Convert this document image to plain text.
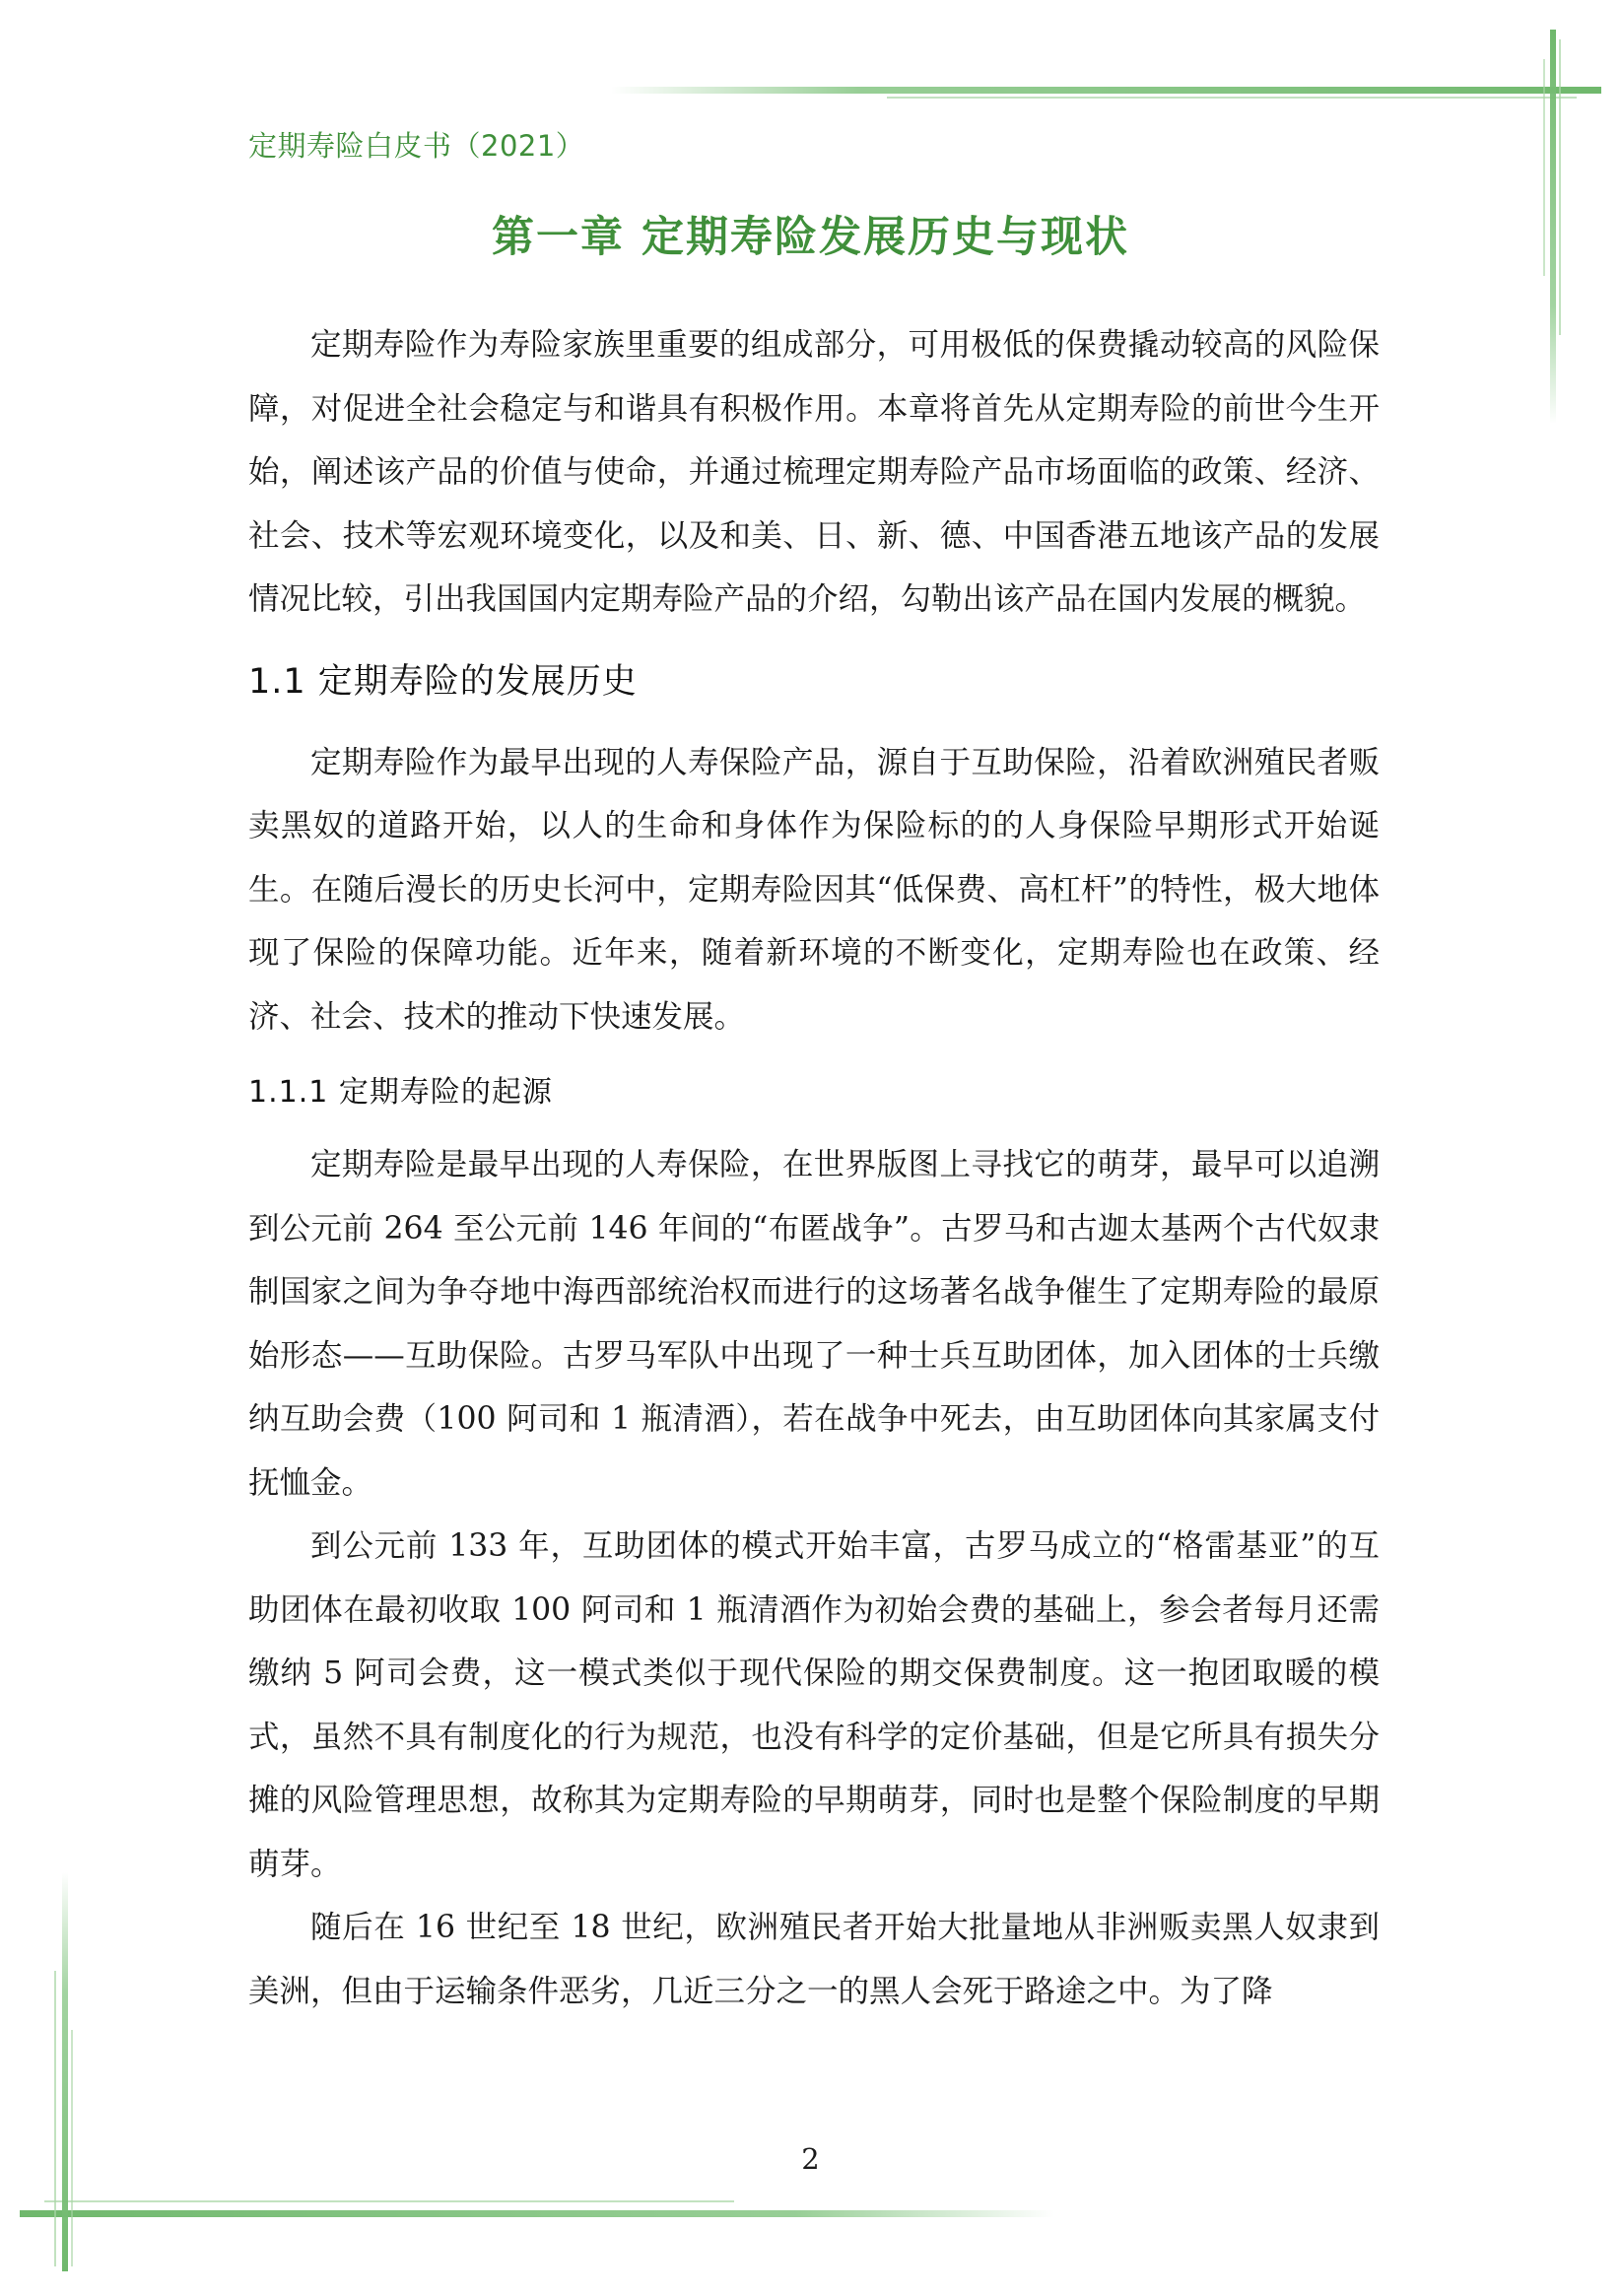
定期寿险白皮书（2021）
第一章 定期寿险发展历史与现状

定期寿险作为寿险家族里重要的组成部分，可用极低的保费撬动较高的风险保障，对促进全社会稳定与和谐具有积极作用。本章将首先从定期寿险的前世今生开始，阐述该产品的价值与使命，并通过梳理定期寿险产品市场面临的政策、经济、社会、技术等宏观环境变化，以及和美、日、新、德、中国香港五地该产品的发展情况比较，引出我国国内定期寿险产品的介绍，勾勒出该产品在国内发展的概貌。

1.1 定期寿险的发展历史

定期寿险作为最早出现的人寿保险产品，源自于互助保险，沿着欧洲殖民者贩卖黑奴的道路开始，以人的生命和身体作为保险标的的人身保险早期形式开始诞生。在随后漫长的历史长河中，定期寿险因其“低保费、高杠杆”的特性，极大地体现了保险的保障功能。近年来，随着新环境的不断变化，定期寿险也在政策、经济、社会、技术的推动下快速发展。

1.1.1 定期寿险的起源

定期寿险是最早出现的人寿保险，在世界版图上寻找它的萌芽，最早可以追溯到公元前 264 至公元前 146 年间的“布匿战争”。古罗马和古迦太基两个古代奴隶制国家之间为争夺地中海西部统治权而进行的这场著名战争催生了定期寿险的最原始形态——互助保险。古罗马军队中出现了一种士兵互助团体，加入团体的士兵缴纳互助会费（100 阿司和 1 瓶清酒），若在战争中死去，由互助团体向其家属支付抚恤金。

到公元前 133 年，互助团体的模式开始丰富，古罗马成立的“格雷基亚”的互助团体在最初收取 100 阿司和 1 瓶清酒作为初始会费的基础上，参会者每月还需缴纳 5 阿司会费，这一模式类似于现代保险的期交保费制度。这一抱团取暖的模式，虽然不具有制度化的行为规范，也没有科学的定价基础，但是它所具有损失分摊的风险管理思想，故称其为定期寿险的早期萌芽，同时也是整个保险制度的早期萌芽。

随后在 16 世纪至 18 世纪，欧洲殖民者开始大批量地从非洲贩卖黑人奴隶到美洲，但由于运输条件恶劣，几近三分之一的黑人会死于路途之中。为了降

2
